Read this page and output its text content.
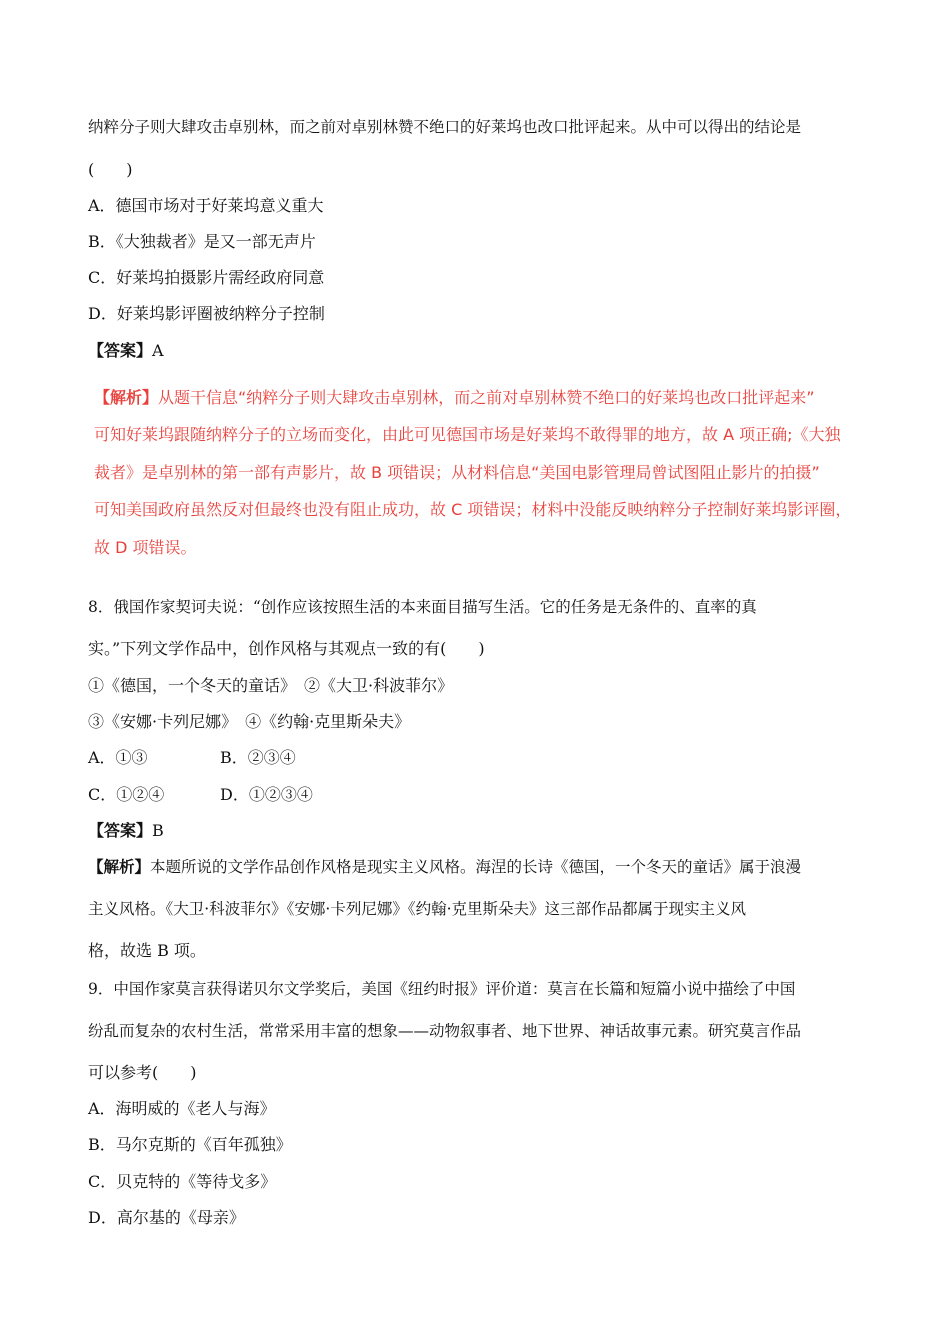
纳粹分子则大肆攻击卓别林，而之前对卓别林赞不绝口的好莱坞也改口批评起来。从中可以得出的结论是
(　　)
A．德国市场对于好莱坞意义重大
B．《大独裁者》是又一部无声片
C．好莱坞拍摄影片需经政府同意
D．好莱坞影评圈被纳粹分子控制
【答案】A
【解析】从题干信息“纳粹分子则大肆攻击卓别林，而之前对卓别林赞不绝口的好莱坞也改口批评起来”
可知好莱坞跟随纳粹分子的立场而变化，由此可见德国市场是好莱坞不敢得罪的地方，故 A 项正确;《大独
裁者》是卓别林的第一部有声影片，故 B 项错误；从材料信息“美国电影管理局曾试图阻止影片的拍摄”
可知美国政府虽然反对但最终也没有阻止成功，故 C 项错误；材料中没能反映纳粹分子控制好莱坞影评圈，
故 D 项错误。
8．俄国作家契诃夫说：“创作应该按照生活的本来面目描写生活。它的任务是无条件的、直率的真
实。”下列文学作品中，创作风格与其观点一致的有(　　)
①《德国，一个冬天的童话》　②《大卫·科波菲尔》
③《安娜·卡列尼娜》　④《约翰·克里斯朵夫》
A．①③	B．②③④
C．①②④	D．①②③④
【答案】B
【解析】本题所说的文学作品创作风格是现实主义风格。海涅的长诗《德国，一个冬天的童话》属于浪漫
主义风格。《大卫·科波菲尔》《安娜·卡列尼娜》《约翰·克里斯朵夫》这三部作品都属于现实主义风
格，故选 B 项。
9．中国作家莫言获得诺贝尔文学奖后，美国《纽约时报》评价道：莫言在长篇和短篇小说中描绘了中国
纷乱而复杂的农村生活，常常采用丰富的想象——动物叙事者、地下世界、神话故事元素。研究莫言作品
可以参考(　　)
A．海明威的《老人与海》
B．马尔克斯的《百年孤独》
C．贝克特的《等待戈多》
D．高尔基的《母亲》
